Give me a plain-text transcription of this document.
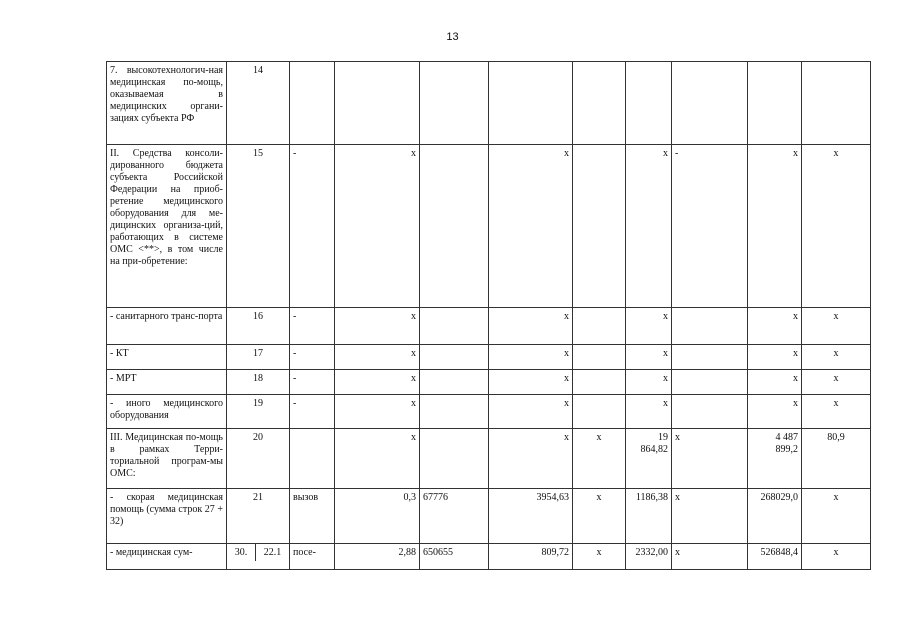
13
7. высокотехнологич-ная медицинская по-мощь, оказываемая в медицинских органи-зациях субъекта РФ	14									
II. Средства консоли-дированного бюджета субъекта Российской Федерации на приоб-ретение медицинского оборудования для ме-дицинских организа-ций, работающих в системе ОМС <**>, в том числе на при-обретение:	15	-	х		х		х	-	х	х
- санитарного транс-порта	16	-	х		х		х		х	х
- КТ	17	-	х		х		х		х	х
- МРТ	18	-	х		х		х		х	х
- иного медицинского оборудования	19	-	х		х		х		х	х
III. Медицинская по-мощь в рамках Терри-ториальной програм-мы ОМС:	20		х		х	х	19 864,82	х	4 487 899,2	80,9
- скорая медицинская помощь (сумма строк 27 + 32)	21	вызов	0,3	67776	3954,63	х	1186,38	х	268029,0	х
- медицинская сум-	30. 22.1	посе-	2,88	650655	809,72	х	2332,00	х	526848,4	х
